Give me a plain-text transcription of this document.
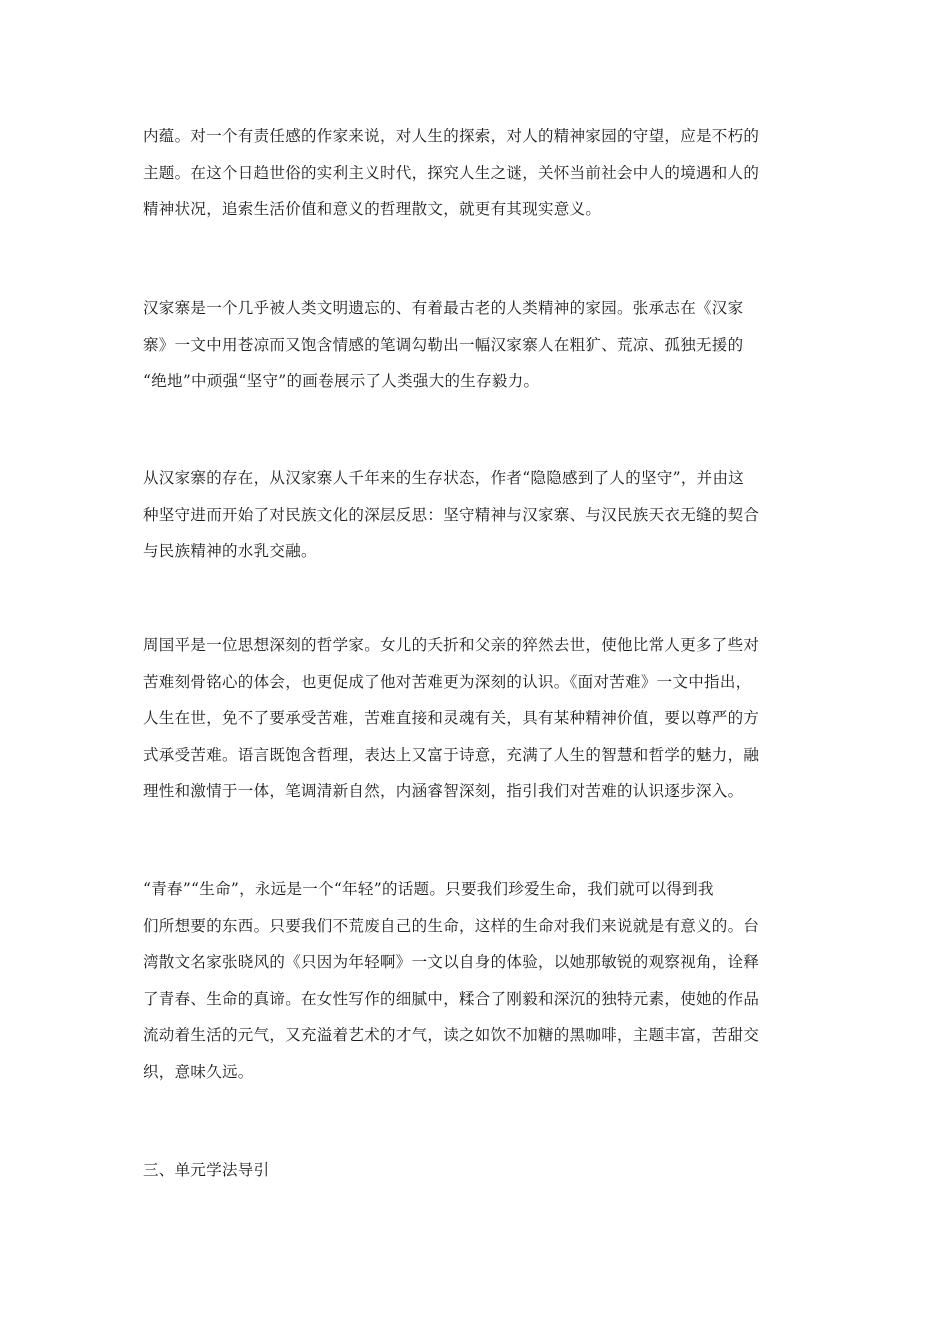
内蕴。对一个有责任感的作家来说，对人生的探索，对人的精神家园的守望，应是不朽的
主题。在这个日趋世俗的实利主义时代，探究人生之谜，关怀当前社会中人的境遇和人的
精神状况，追索生活价值和意义的哲理散文，就更有其现实意义。

汉家寨是一个几乎被人类文明遗忘的、有着最古老的人类精神的家园。张承志在《汉家
寨》一文中用苍凉而又饱含情感的笔调勾勒出一幅汉家寨人在粗犷、荒凉、孤独无援的
“绝地”中顽强“坚守”的画卷展示了人类强大的生存毅力。

从汉家寨的存在，从汉家寨人千年来的生存状态，作者“隐隐感到了人的坚守”，并由这
种坚守进而开始了对民族文化的深层反思：坚守精神与汉家寨、与汉民族天衣无缝的契合
与民族精神的水乳交融。

周国平是一位思想深刻的哲学家。女儿的夭折和父亲的猝然去世，使他比常人更多了些对
苦难刻骨铭心的体会，也更促成了他对苦难更为深刻的认识。《面对苦难》一文中指出，
人生在世，免不了要承受苦难，苦难直接和灵魂有关，具有某种精神价值，要以尊严的方
式承受苦难。语言既饱含哲理，表达上又富于诗意，充满了人生的智慧和哲学的魅力，融
理性和激情于一体，笔调清新自然，内涵睿智深刻，指引我们对苦难的认识逐步深入。

“青春”“生命”，永远是一个“年轻”的话题。只要我们珍爱生命，我们就可以得到我
们所想要的东西。只要我们不荒废自己的生命，这样的生命对我们来说就是有意义的。台
湾散文名家张晓风的《只因为年轻啊》一文以自身的体验，以她那敏锐的观察视角，诠释
了青春、生命的真谛。在女性写作的细腻中，糅合了刚毅和深沉的独特元素，使她的作品
流动着生活的元气，又充溢着艺术的才气，读之如饮不加糖的黑咖啡，主题丰富，苦甜交
织，意味久远。

三、单元学法导引
